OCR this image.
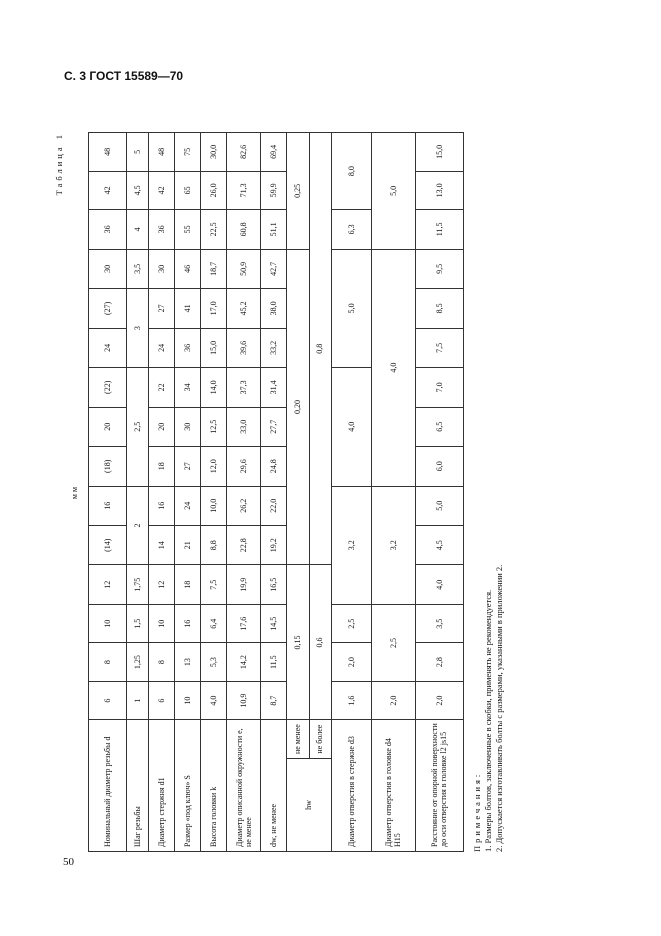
С. 3 ГОСТ 15589—70
Таблица 1
мм
Номинальный диаметр резьбы d		6	8	10	12	(14)	16	(18)	20	(22)	24	(27)	30	36	42	48
Шаг резьбы		1	1,25	1,5	1,75	2		2,5			3		3,5	4	4,5	5
Диаметр стержня d1		6	8	10	12	14	16	18	20	22	24	27	30	36	42	48
Размер «под ключ» S		10	13	16	18	21	24	27	30	34	36	41	46	55	65	75
Высота головки k		4,0	5,3	6,4	7,5	8,8	10,0	12,0	12,5	14,0	15,0	17,0	18,7	22,5	26,0	30,0
Диаметр описанной окружности e, не менее		10,9	14,2	17,6	19,9	22,8	26,2	29,6	33,0	37,3	39,6	45,2	50,9	60,8	71,3	82,6
dw, не менее		8,7	11,5	14,5	16,5	19,2	22,0	24,8	27,7	31,4	33,2	38,0	42,7	51,1	59,9	69,4
hw	не менее	0,15				0,20								0,25		
	не более	0,6				0,8										
Диаметр отверстия в стержне d3		1,6	2,0	2,5	3,2			4,0			5,0			6,3	8,0	
Диаметр отверстия в головке d4 Н15		2,0	2,5		3,2			4,0						5,0		
Расстояние от опорной поверхности до оси отверстия в головке l2 js15		2,0	2,8	3,5	4,0	4,5	5,0	6,0	6,5	7,0	7,5	8,5	9,5	11,5	13,0	15,0
Примечания: 1. Размеры болтов, заключенные в скобки, применять не рекомендуется. 2. Допускается изготавливать болты с размерами, указанными в приложении 2.
50
